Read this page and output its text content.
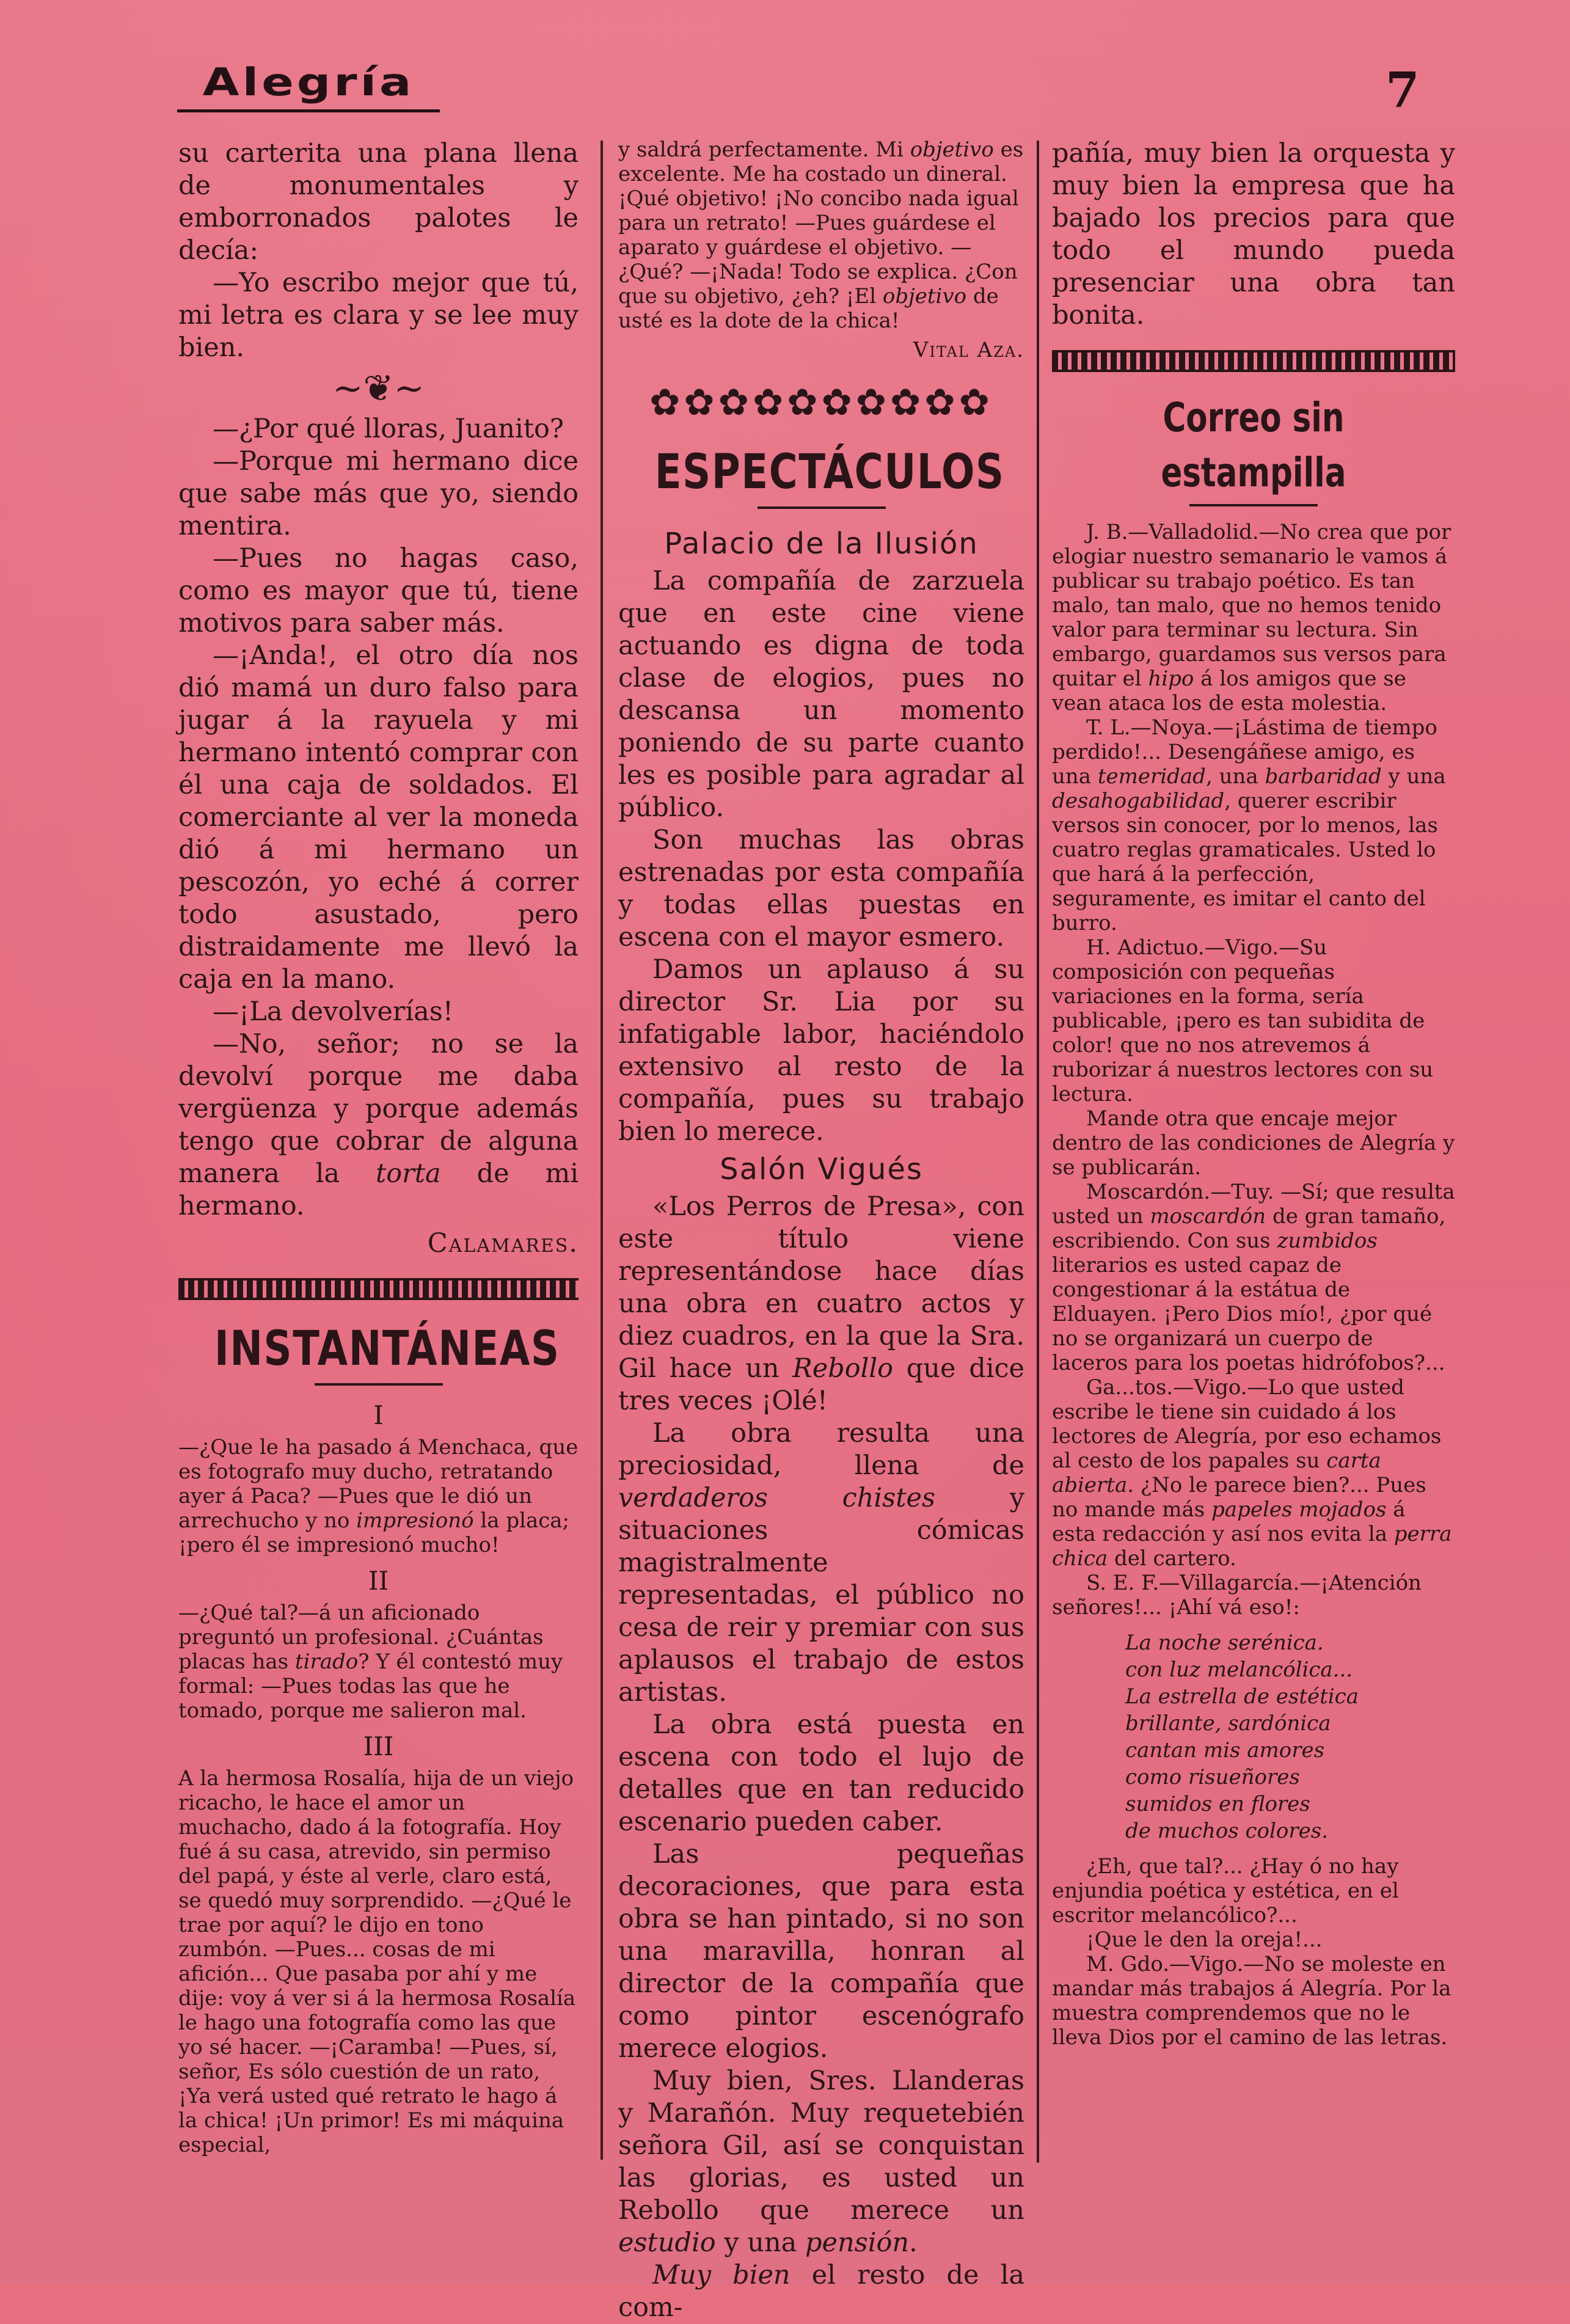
Alegría	7

su carterita una plana llena de monumentales y emborronados palotes le decía:

—Yo escribo mejor que tú, mi letra es clara y se lee muy bien.

~❦~

—¿Por qué lloras, Juanito?

—Porque mi hermano dice que sabe más que yo, siendo mentira.

—Pues no hagas caso, como es mayor que tú, tiene motivos para saber más.

—¡Anda!, el otro día nos dió mamá un duro falso para jugar á la rayuela y mi hermano intentó comprar con él una caja de soldados. El comerciante al ver la moneda dió á mi hermano un pescozón, yo eché á correr todo asustado, pero distraidamente me llevó la caja en la mano.

—¡La devolverías!

—No, señor; no se la devolví porque me daba vergüenza y porque además tengo que cobrar de alguna manera la torta de mi hermano.

Calamares.

INSTANTÁNEAS
I

—¿Que le ha pasado á Menchaca, que es fotografo muy ducho, retratando ayer á Paca? —Pues que le dió un arrechucho y no impresionó la placa; ¡pero él se impresionó mucho!

II

—¿Qué tal?—á un aficionado preguntó un profesional. ¿Cuántas placas has tirado? Y él contestó muy formal: —Pues todas las que he tomado, porque me salieron mal.

III

A la hermosa Rosalía, hija de un viejo ricacho, le hace el amor un muchacho, dado á la fotografía. Hoy fué á su casa, atrevido, sin permiso del papá, y éste al verle, claro está, se quedó muy sorprendido. —¿Qué le trae por aquí? le dijo en tono zumbón. —Pues... cosas de mi afición... Que pasaba por ahí y me dije: voy á ver si á la hermosa Rosalía le hago una fotografía como las que yo sé hacer. —¡Caramba! —Pues, sí, señor, Es sólo cuestión de un rato, ¡Ya verá usted qué retrato le hago á la chica! ¡Un primor! Es mi máquina especial,

y saldrá perfectamente. Mi objetivo es excelente. Me ha costado un dineral. ¡Qué objetivo! ¡No concibo nada igual para un retrato! —Pues guárdese el aparato y guárdese el objetivo. —¿Qué? —¡Nada! Todo se explica. ¿Con que su objetivo, ¿eh? ¡El objetivo de usté es la dote de la chica!

Vital Aza.

✿✿✿✿✿✿✿✿✿✿
ESPECTÁCULOS
Palacio de la Ilusión

La compañía de zarzuela que en este cine viene actuando es digna de toda clase de elogios, pues no descansa un momento poniendo de su parte cuanto les es posible para agradar al público.

Son muchas las obras estrenadas por esta compañía y todas ellas puestas en escena con el mayor esmero.

Damos un aplauso á su director Sr. Lia por su infatigable labor, haciéndolo extensivo al resto de la compañía, pues su trabajo bien lo merece.

Salón Vigués

«Los Perros de Presa», con este título viene representándose hace días una obra en cuatro actos y diez cuadros, en la que la Sra. Gil hace un Rebollo que dice tres veces ¡Olé!

La obra resulta una preciosidad, llena de verdaderos chistes y situaciones cómicas magistralmente representadas, el público no cesa de reir y premiar con sus aplausos el trabajo de estos artistas.

La obra está puesta en escena con todo el lujo de detalles que en tan reducido escenario pueden caber.

Las pequeñas decoraciones, que para esta obra se han pintado, si no son una maravilla, honran al director de la compañía que como pintor escenógrafo merece elogios.

Muy bien, Sres. Llanderas y Marañón. Muy requetebién señora Gil, así se conquistan las glorias, es usted un Rebollo que merece un estudio y una pensión.

Muy bien el resto de la com-

pañía, muy bien la orquesta y muy bien la empresa que ha bajado los precios para que todo el mundo pueda presenciar una obra tan bonita.

Correo sin estampilla

J. B.—Valladolid.—No crea que por elogiar nuestro semanario le vamos á publicar su trabajo poético. Es tan malo, tan malo, que no hemos tenido valor para terminar su lectura. Sin embargo, guardamos sus versos para quitar el hipo á los amigos que se vean ataca los de esta molestia.

T. L.—Noya.—¡Lástima de tiempo perdido!... Desengáñese amigo, es una temeridad, una barbaridad y una desahogabilidad, querer escribir versos sin conocer, por lo menos, las cuatro reglas gramaticales. Usted lo que hará á la perfección, seguramente, es imitar el canto del burro.

H. Adictuo.—Vigo.—Su composición con pequeñas variaciones en la forma, sería publicable, ¡pero es tan subidita de color! que no nos atrevemos á ruborizar á nuestros lectores con su lectura.

Mande otra que encaje mejor dentro de las condiciones de Alegría y se publicarán.

Moscardón.—Tuy. —Sí; que resulta usted un moscardón de gran tamaño, escribiendo. Con sus zumbidos literarios es usted capaz de congestionar á la estátua de Elduayen. ¡Pero Dios mío!, ¿por qué no se organizará un cuerpo de laceros para los poetas hidrófobos?...

Ga...tos.—Vigo.—Lo que usted escribe le tiene sin cuidado á los lectores de Alegría, por eso echamos al cesto de los papales su carta abierta. ¿No le parece bien?... Pues no mande más papeles mojados á esta redacción y así nos evita la perra chica del cartero.

S. E. F.—Villagarcía.—¡Atención señores!... ¡Ahí vá eso!:

La noche serénica.
con luz melancólica...
La estrella de estética
brillante, sardónica
cantan mis amores
como risueñores
sumidos en flores
de muchos colores.

¿Eh, que tal?... ¿Hay ó no hay enjundia poética y estética, en el escritor melancólico?...

¡Que le den la oreja!...

M. Gdo.—Vigo.—No se moleste en mandar más trabajos á Alegría. Por la muestra comprendemos que no le lleva Dios por el camino de las letras.
